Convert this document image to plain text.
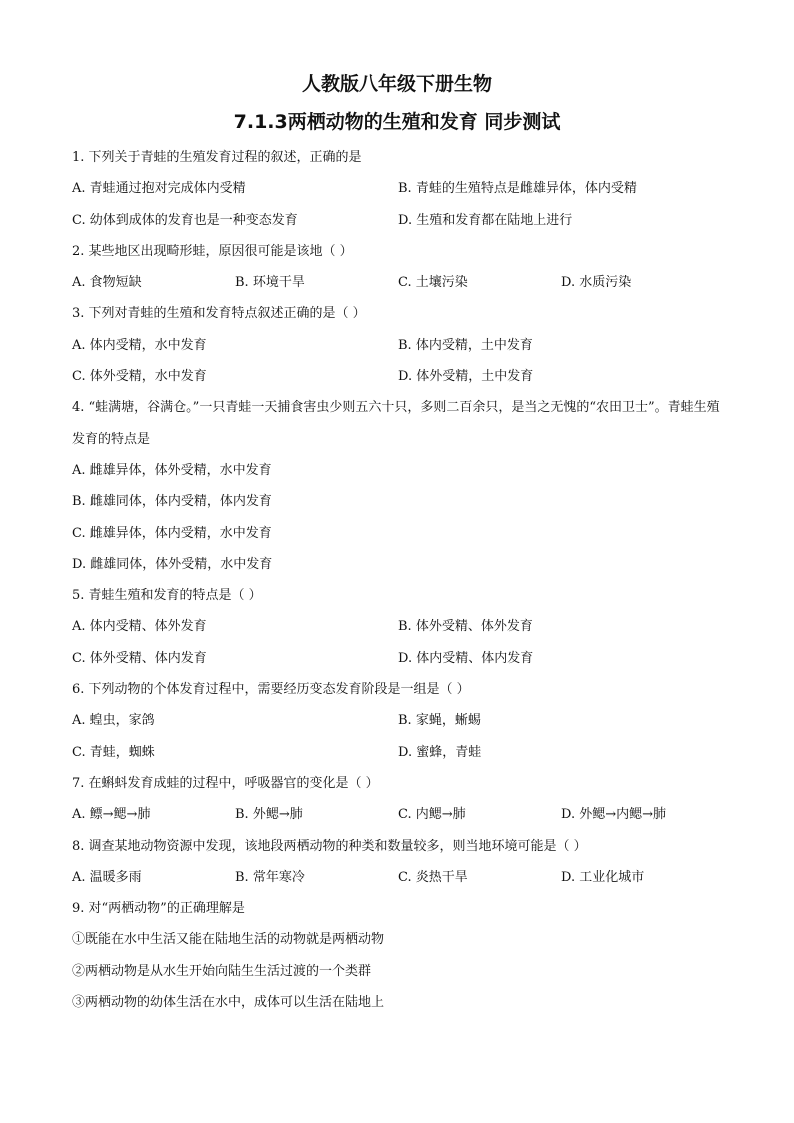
人教版八年级下册生物
7.1.3两栖动物的生殖和发育 同步测试
1. 下列关于青蛙的生殖发育过程的叙述，正确的是
A. 青蛙通过抱对完成体内受精	B. 青蛙的生殖特点是雌雄异体，体内受精
C. 幼体到成体的发育也是一种变态发育	D. 生殖和发育都在陆地上进行
2. 某些地区出现畸形蛙，原因很可能是该地（ ）
A. 食物短缺	B. 环境干旱	C. 土壤污染	D. 水质污染
3. 下列对青蛙的生殖和发育特点叙述正确的是（ ）
A. 体内受精，水中发育	B. 体内受精，土中发育
C. 体外受精，水中发育	D. 体外受精，土中发育
4. “蛙满塘，谷满仓。”一只青蛙一天捕食害虫少则五六十只，多则二百余只，是当之无愧的“农田卫士”。青蛙生殖发育的特点是
A. 雌雄异体，体外受精，水中发育
B. 雌雄同体，体内受精，体内发育
C. 雌雄异体，体内受精，水中发育
D. 雌雄同体，体外受精，水中发育
5. 青蛙生殖和发育的特点是（ ）
A. 体内受精、体外发育	B. 体外受精、体外发育
C. 体外受精、体内发育	D. 体内受精、体内发育
6. 下列动物的个体发育过程中，需要经历变态发育阶段是一组是（ ）
A. 蝗虫，家鸽	B. 家蝇，蜥蜴
C. 青蛙，蜘蛛	D. 蜜蜂，青蛙
7. 在蝌蚪发育成蛙的过程中，呼吸器官的变化是（ ）
A. 鳔→鳃→肺	B. 外鳃→肺	C. 内鳃→肺	D. 外鳃→内鳃→肺
8. 调查某地动物资源中发现，该地段两栖动物的种类和数量较多，则当地环境可能是（ ）
A. 温暖多雨	B. 常年寒冷	C. 炎热干旱	D. 工业化城市
9. 对“两栖动物”的正确理解是
①既能在水中生活又能在陆地生活的动物就是两栖动物
②两栖动物是从水生开始向陆生生活过渡的一个类群
③两栖动物的幼体生活在水中，成体可以生活在陆地上
